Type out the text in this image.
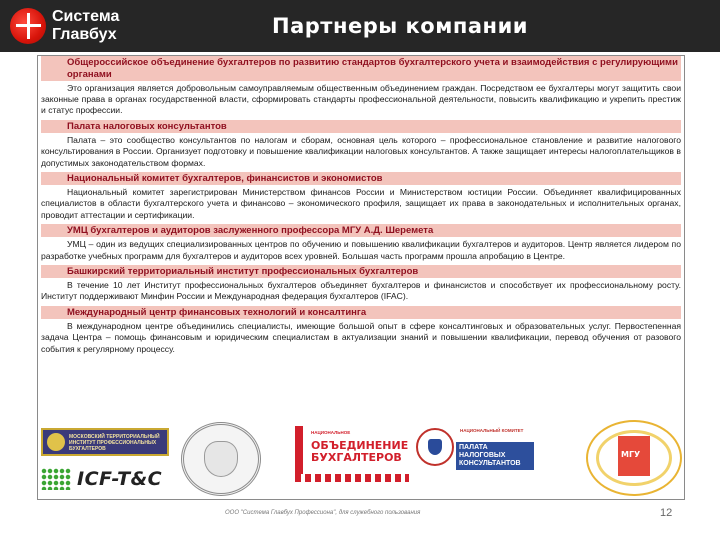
Система
Главбух	Партнеры компании
Общероссийское объединение бухгалтеров по развитию стандартов бухгалтерского учета и взаимодействия с регулирующими органами
Это организация является добровольным самоуправляемым общественным объединением граждан. Посредством ее бухгалтеры могут защитить свои законные права в органах государственной власти, сформировать стандарты профессиональной деятельности, повысить квалификацию и укрепить престиж и статус профессии.
Палата налоговых консультантов
Палата – это сообщество консультантов по налогам и сборам, основная цель которого – профессиональное становление и развитие налогового консультирования в России. Организует подготовку и повышение квалификации налоговых консультантов. А также защищает интересы налогоплательщиков в допустимых законодательством формах.
Национальный комитет бухгалтеров, финансистов и экономистов
Национальный комитет зарегистрирован Министерством финансов России и Министерством юстиции России. Объединяет квалифицированных специалистов в области бухгалтерского учета и финансово – экономического профиля, защищает их права в законодательных и исполнительных органах, проводит аттестации и сертификации.
УМЦ бухгалтеров и аудиторов заслуженного профессора МГУ А.Д. Шеремета
УМЦ – один из ведущих специализированных центров по обучению и повышению квалификации бухгалтеров и аудиторов. Центр является лидером по разработке учебных программ для бухгалтеров и аудиторов всех уровней. Большая часть программ прошла апробацию в Центре.
Башкирский территориальный институт профессиональных бухгалтеров
В течение 10 лет Институт профессиональных бухгалтеров объединяет бухгалтеров и финансистов и способствует их профессиональному росту. Институт поддерживают Минфин России и Международная федерация бухгалтеров (IFAC).
Международный центр финансовых технологий и консалтинга
В международном центре объединились специалисты, имеющие большой опыт в сфере консалтинговых и образовательных услуг. Первостепенная задача Центра – помощь финансовым и юридическим специалистам в актуализации знаний и повышении квалификации, перевод обучения от разового события к регулярному процессу.
МОСКОВСКИЙ ТЕРРИТОРИАЛЬНЫЙ ИНСТИТУТ ПРОФЕССИОНАЛЬНЫХ БУХГАЛТЕРОВ
ICF-T&C
НАЦИОНАЛЬНОЕ
ОБЪЕДИНЕНИЕ
БУХГАЛТЕРОВ
НАЦИОНАЛЬНЫЙ КОМИТЕТ
ПАЛАТА
НАЛОГОВЫХ
КОНСУЛЬТАНТОВ
МГУ
ООО "Система Главбух Профессиона", для служебного пользования	12
